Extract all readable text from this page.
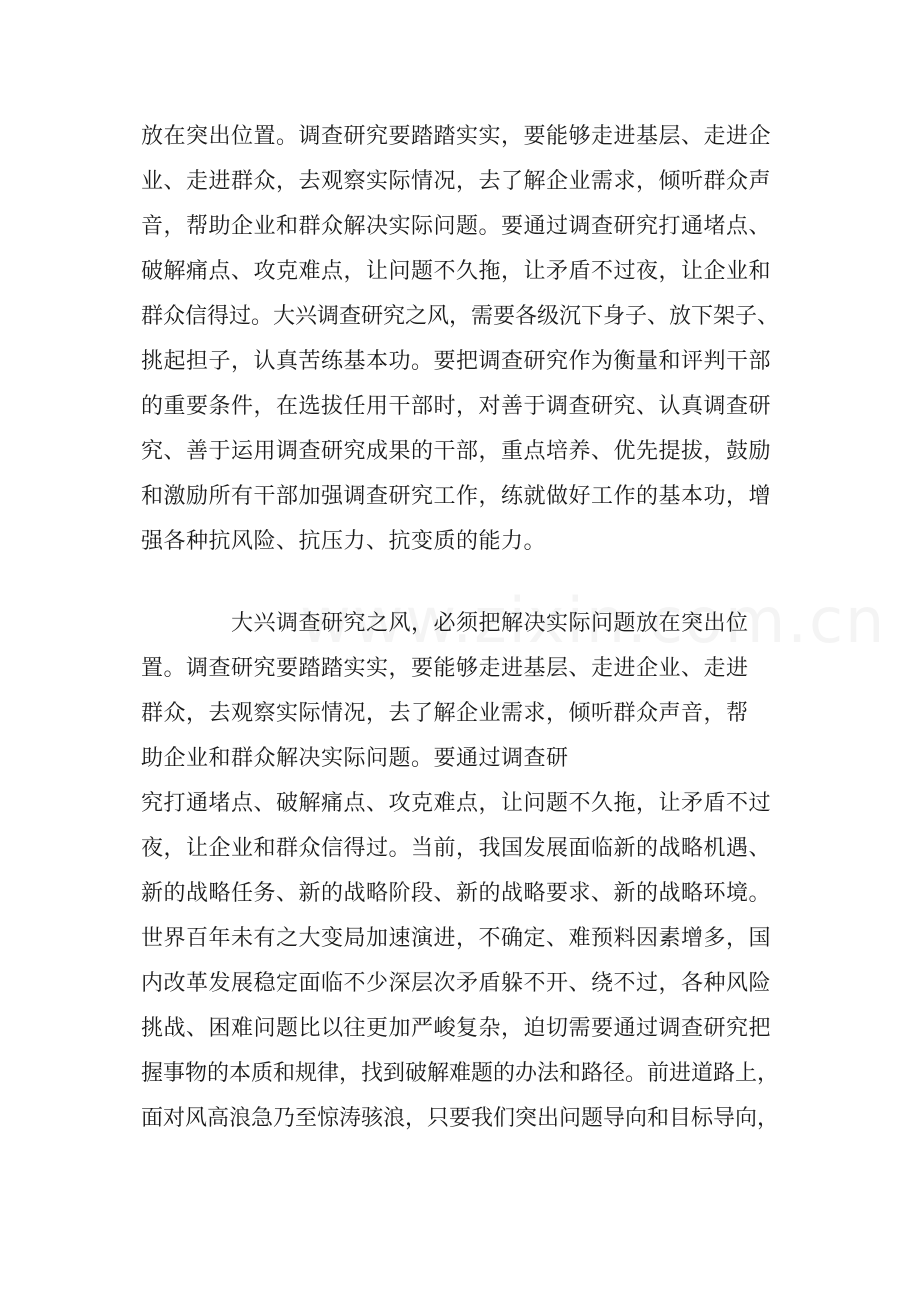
放在突出位置。调查研究要踏踏实实，要能够走进基层、走进企
业、走进群众，去观察实际情况，去了解企业需求，倾听群众声
音，帮助企业和群众解决实际问题。要通过调查研究打通堵点、
破解痛点、攻克难点，让问题不久拖，让矛盾不过夜，让企业和
群众信得过。大兴调查研究之风，需要各级沉下身子、放下架子、
挑起担子，认真苦练基本功。要把调查研究作为衡量和评判干部
的重要条件，在选拔任用干部时，对善于调查研究、认真调查研
究、善于运用调查研究成果的干部，重点培养、优先提拔，鼓励
和激励所有干部加强调查研究工作，练就做好工作的基本功，增
强各种抗风险、抗压力、抗变质的能力。
大兴调查研究之风，必须把解决实际问题放在突出位
置。调查研究要踏踏实实，要能够走进基层、走进企业、走进
群众，去观察实际情况，去了解企业需求，倾听群众声音，帮
助企业和群众解决实际问题。要通过调查研
究打通堵点、破解痛点、攻克难点，让问题不久拖，让矛盾不过
夜，让企业和群众信得过。当前，我国发展面临新的战略机遇、
新的战略任务、新的战略阶段、新的战略要求、新的战略环境。
世界百年未有之大变局加速演进，不确定、难预料因素增多，国
内改革发展稳定面临不少深层次矛盾躲不开、绕不过，各种风险
挑战、困难问题比以往更加严峻复杂，迫切需要通过调查研究把
握事物的本质和规律，找到破解难题的办法和路径。前进道路上，
面对风高浪急乃至惊涛骇浪，只要我们突出问题导向和目标导向，
